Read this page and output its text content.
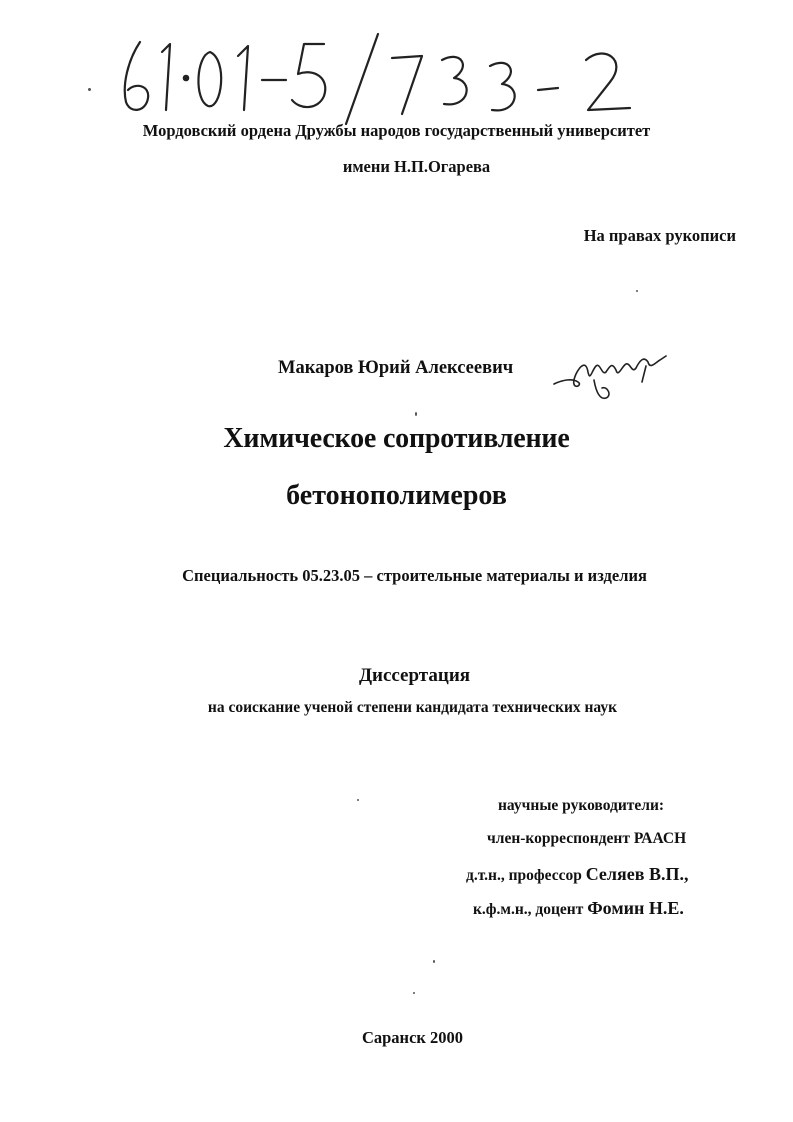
61·01-5/733-2
Мордовский ордена Дружбы народов государственный университет
имени Н.П.Огарева
На правах рукописи
Макаров Юрий Алексеевич
Химическое сопротивление
бетонополимеров
Специальность 05.23.05 – строительные материалы и изделия
Диссертация
на соискание ученой степени кандидата технических наук
научные руководители:
член-корреспондент РААСН
д.т.н., профессор Селяев В.П.,
к.ф.м.н., доцент Фомин Н.Е.
Саранск 2000
